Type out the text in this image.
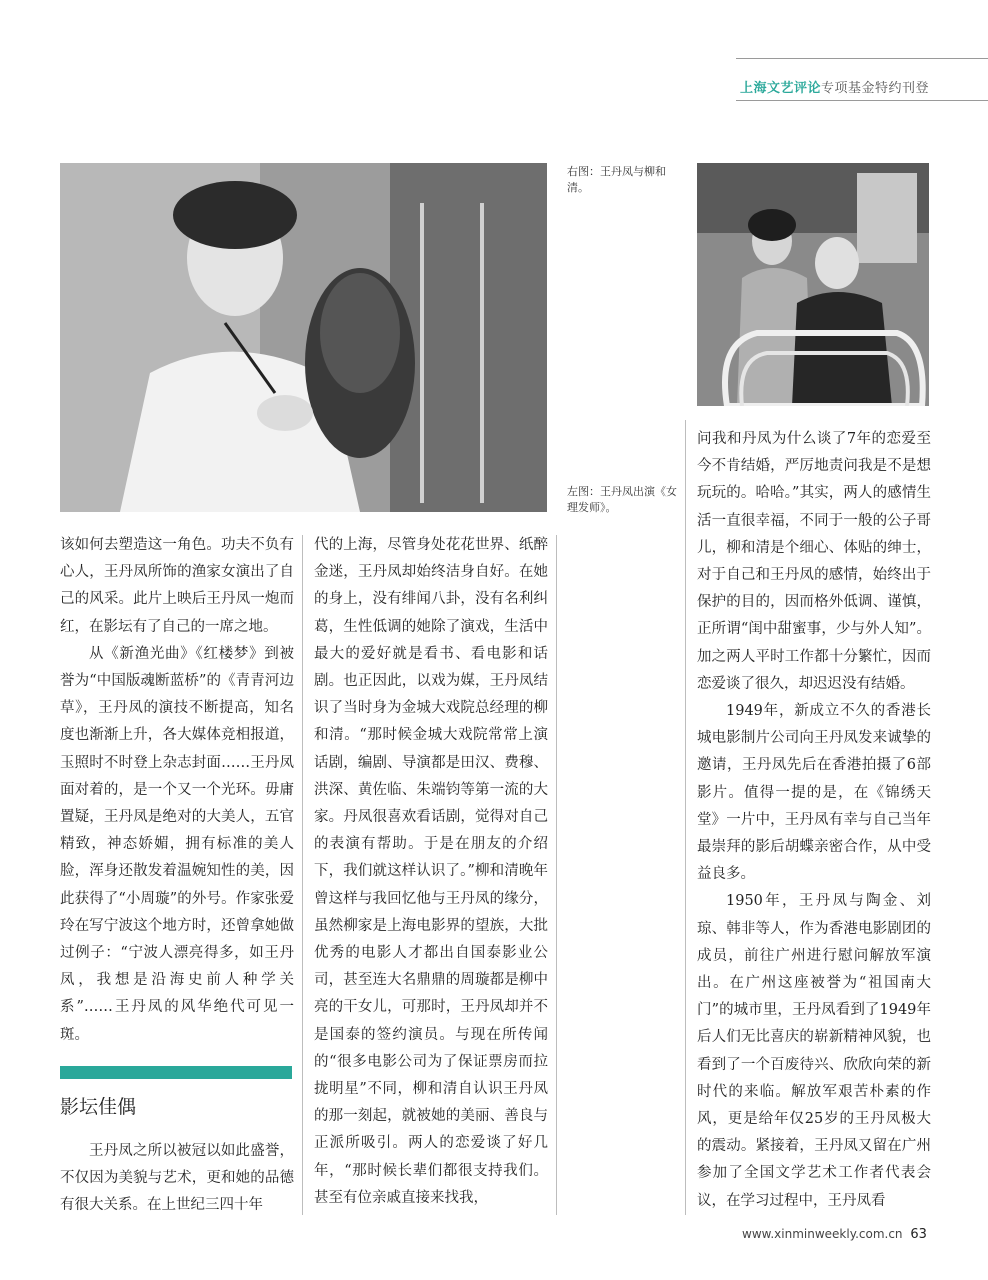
上海文艺评论专项基金特约刊登
右图：王丹凤与柳和清。
左图：王丹凤出演《女理发师》。

该如何去塑造这一角色。功夫不负有心人，王丹凤所饰的渔家女演出了自己的风采。此片上映后王丹凤一炮而红，在影坛有了自己的一席之地。

从《新渔光曲》《红楼梦》到被誉为“中国版魂断蓝桥”的《青青河边草》，王丹凤的演技不断提高，知名度也渐渐上升，各大媒体竞相报道，玉照时不时登上杂志封面……王丹凤面对着的，是一个又一个光环。毋庸置疑，王丹凤是绝对的大美人，五官精致，神态娇媚，拥有标准的美人脸，浑身还散发着温婉知性的美，因此获得了“小周璇”的外号。作家张爱玲在写宁波这个地方时，还曾拿她做过例子：“宁波人漂亮得多，如王丹凤，我想是沿海史前人种学关系”……王丹凤的风华绝代可见一斑。

影坛佳偶

王丹凤之所以被冠以如此盛誉，不仅因为美貌与艺术，更和她的品德有很大关系。在上世纪三四十年

代的上海，尽管身处花花世界、纸醉金迷，王丹凤却始终洁身自好。在她的身上，没有绯闻八卦，没有名利纠葛，生性低调的她除了演戏，生活中最大的爱好就是看书、看电影和话剧。也正因此，以戏为媒，王丹凤结识了当时身为金城大戏院总经理的柳和清。“那时候金城大戏院常常上演话剧，编剧、导演都是田汉、费穆、洪深、黄佐临、朱端钧等第一流的大家。丹凤很喜欢看话剧，觉得对自己的表演有帮助。于是在朋友的介绍下，我们就这样认识了。”柳和清晚年曾这样与我回忆他与王丹凤的缘分，虽然柳家是上海电影界的望族，大批优秀的电影人才都出自国泰影业公司，甚至连大名鼎鼎的周璇都是柳中亮的干女儿，可那时，王丹凤却并不是国泰的签约演员。与现在所传闻的“很多电影公司为了保证票房而拉拢明星”不同，柳和清自认识王丹凤的那一刻起，就被她的美丽、善良与正派所吸引。两人的恋爱谈了好几年，“那时候长辈们都很支持我们。甚至有位亲戚直接来找我，

问我和丹凤为什么谈了7年的恋爱至今不肯结婚，严厉地责问我是不是想玩玩的。哈哈。”其实，两人的感情生活一直很幸福，不同于一般的公子哥儿，柳和清是个细心、体贴的绅士，对于自己和王丹凤的感情，始终出于保护的目的，因而格外低调、谨慎，正所谓“闺中甜蜜事，少与外人知”。加之两人平时工作都十分繁忙，因而恋爱谈了很久，却迟迟没有结婚。

1949年，新成立不久的香港长城电影制片公司向王丹凤发来诚挚的邀请，王丹凤先后在香港拍摄了6部影片。值得一提的是，在《锦绣天堂》一片中，王丹凤有幸与自己当年最崇拜的影后胡蝶亲密合作，从中受益良多。

1950年，王丹凤与陶金、刘琼、韩非等人，作为香港电影剧团的成员，前往广州进行慰问解放军演出。在广州这座被誉为“祖国南大门”的城市里，王丹凤看到了1949年后人们无比喜庆的崭新精神风貌，也看到了一个百废待兴、欣欣向荣的新时代的来临。解放军艰苦朴素的作风，更是给年仅25岁的王丹凤极大的震动。紧接着，王丹凤又留在广州参加了全国文学艺术工作者代表会议，在学习过程中，王丹凤看

www.xinminweekly.com.cn 63
